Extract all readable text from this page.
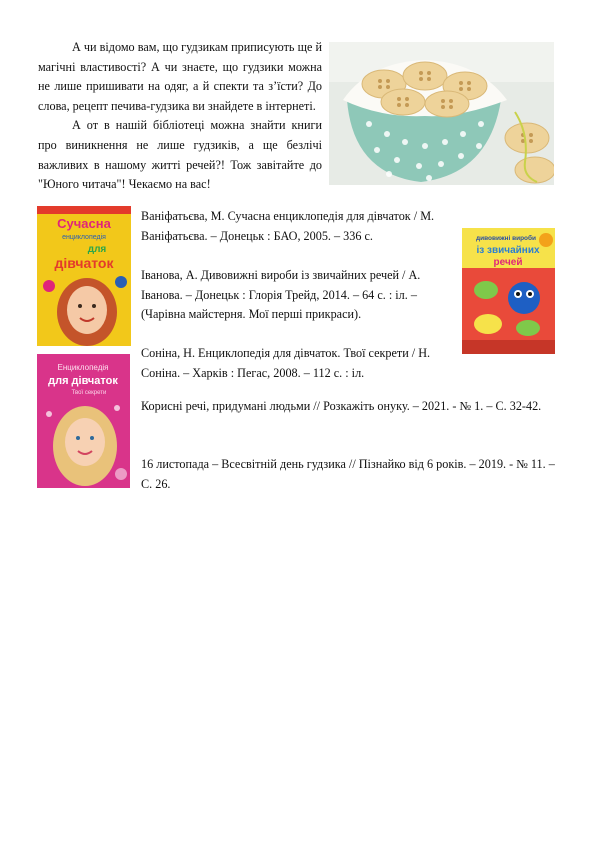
А чи відомо вам, що гудзикам приписують ще й магічні властивості? А чи знаєте, що гудзики можна не лише пришивати на одяг, а й спекти та з’їсти? До слова, рецепт печива-гудзика ви знайдете в інтернеті.

А от в нашій бібліотеці можна знайти книги про виникнення не лише гудзиків, а ще безлічі важливих в нашому житті речей?! Тож завітайте до "Юного читача"! Чекаємо на вас!

Сучасна
енциклопедія
для
дівчаток
дивовижні вироби
із звичайних
речей
Енциклопедія
для дівчаток
Твої секрети

Ваніфатьєва, М. Сучасна енциклопедія для дівчаток / М. Ваніфатьєва. – Донецьк : БАО, 2005. – 336 с.

Іванова, А. Дивовижні вироби із звичайних речей / А. Іванова. – Донецьк : Глорія Трейд, 2014. – 64 с. : іл. – (Чарівна майстерня. Мої перші прикраси).

Соніна, Н. Енциклопедія для дівчаток. Твої секрети / Н. Соніна. – Харків : Пегас, 2008. – 112 с. : іл.

Корисні речі, придумані людьми // Розкажіть онуку. – 2021. - № 1. – С. 32-42.

16 листопада – Всесвітній день гудзика // Пізнайко від 6 років. – 2019. - № 11. – С. 26.
